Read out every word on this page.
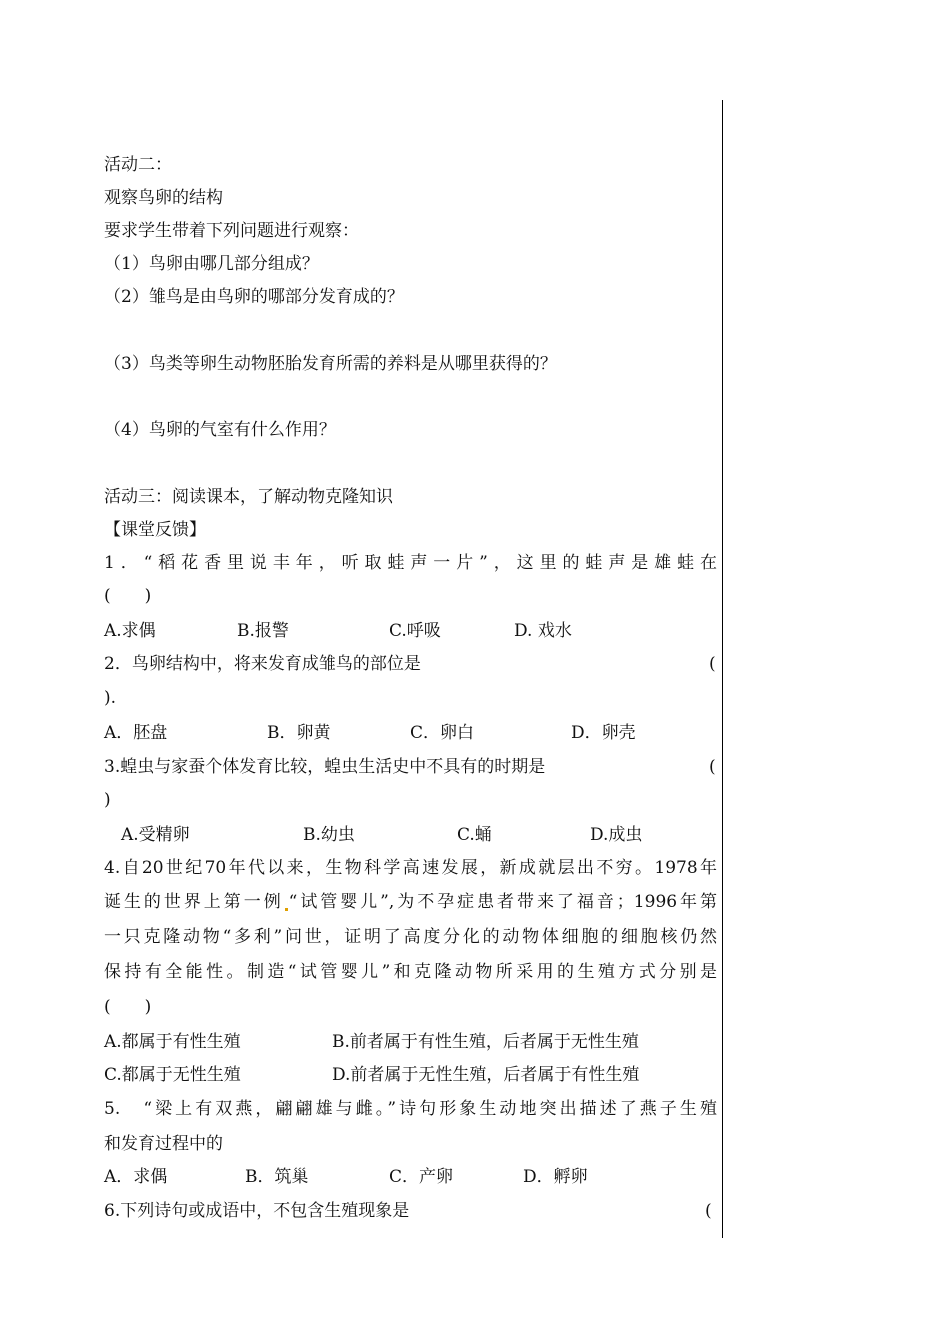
活动二：
观察鸟卵的结构
要求学生带着下列问题进行观察：
（1）鸟卵由哪几部分组成？
（2）雏鸟是由鸟卵的哪部分发育成的？
（3）鸟类等卵生动物胚胎发育所需的养料是从哪里获得的？
（4）鸟卵的气室有什么作用？
活动三：阅读课本，了解动物克隆知识
【课堂反馈】
1．“稻花香里说丰年，听取蛙声一片”，这里的蛙声是雄蛙在
(　　)
A.求偶	B.报警	C.呼吸	D. 戏水
2．鸟卵结构中，将来发育成雏鸟的部位是	(
).
A．胚盘	B．卵黄	C．卵白	D．卵壳
3.蝗虫与家蚕个体发育比较，蝗虫生活史中不具有的时期是	(
)
A.受精卵	B.幼虫	C.蛹	D.成虫
4.自20世纪70年代以来，生物科学高速发展，新成就层出不穷。1978年
诞生的世界上第一例 “试管婴儿”,为不孕症患者带来了福音；1996年第
一只克隆动物“多利”问世，证明了高度分化的动物体细胞的细胞核仍然
保持有全能性。制造“试管婴儿”和克隆动物所采用的生殖方式分别是
(　　)
A.都属于有性生殖	B.前者属于有性生殖，后者属于无性生殖
C.都属于无性生殖	D.前者属于无性生殖，后者属于有性生殖
5.　“梁上有双燕，翩翩雄与雌。”诗句形象生动地突出描述了燕子生殖
和发育过程中的
A．求偶	B．筑巢	C．产卵	D．孵卵
6.下列诗句或成语中，不包含生殖现象是	(
